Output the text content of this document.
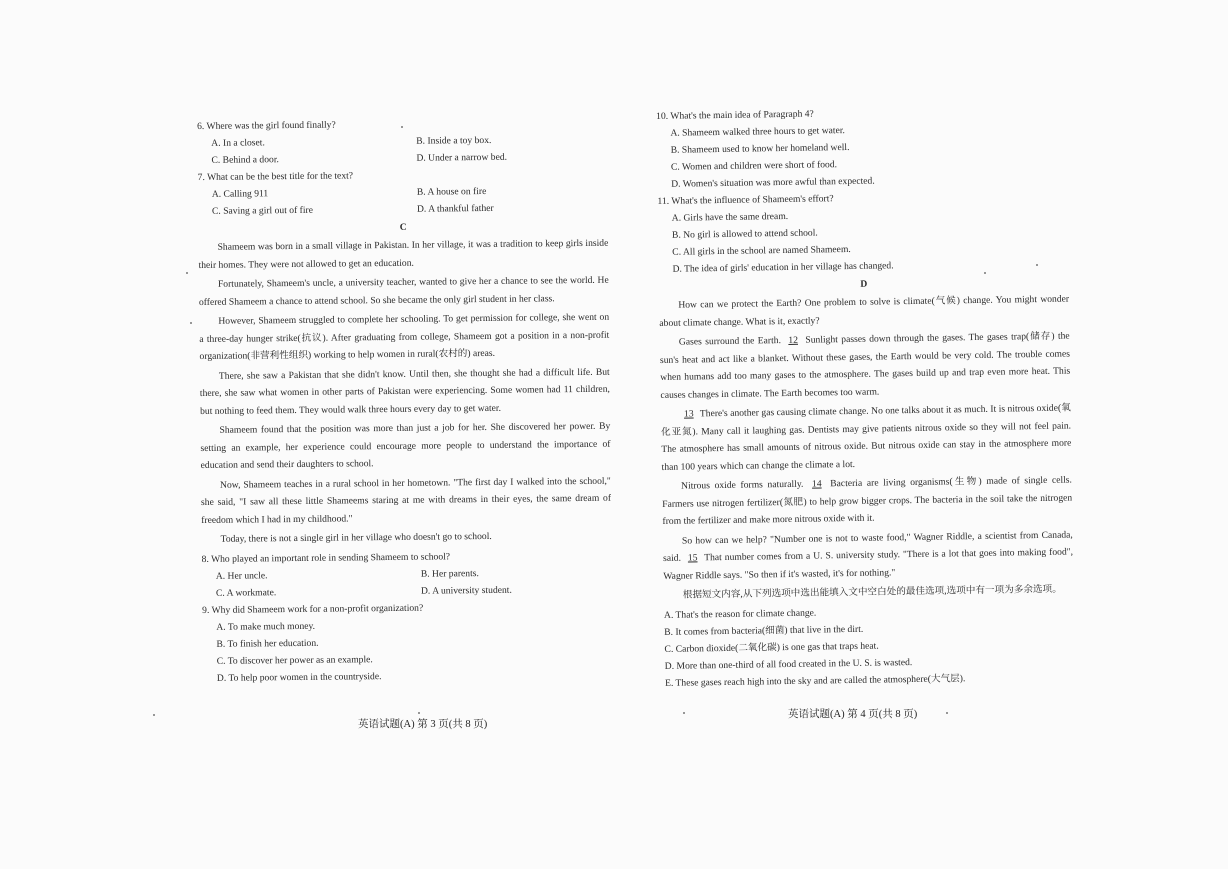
6. Where was the girl found finally?

A. In a closet.	B. Inside a toy box.
C. Behind a door.	D. Under a narrow bed.

7. What can be the best title for the text?

A. Calling 911	B. A house on fire
C. Saving a girl out of fire	D. A thankful father
C

Shameem was born in a small village in Pakistan. In her village, it was a tradition to keep girls inside their homes. They were not allowed to get an education.

Fortunately, Shameem's uncle, a university teacher, wanted to give her a chance to see the world. He offered Shameem a chance to attend school. So she became the only girl student in her class.

However, Shameem struggled to complete her schooling. To get permission for college, she went on a three-day hunger strike(抗议). After graduating from college, Shameem got a position in a non-profit organization(非营利性组织) working to help women in rural(农村的) areas.

There, she saw a Pakistan that she didn't know. Until then, she thought she had a difficult life. But there, she saw what women in other parts of Pakistan were experiencing. Some women had 11 children, but nothing to feed them. They would walk three hours every day to get water.

Shameem found that the position was more than just a job for her. She discovered her power. By setting an example, her experience could encourage more people to understand the importance of education and send their daughters to school.

Now, Shameem teaches in a rural school in her hometown. "The first day I walked into the school," she said, "I saw all these little Shameems staring at me with dreams in their eyes, the same dream of freedom which I had in my childhood."

Today, there is not a single girl in her village who doesn't go to school.

8. Who played an important role in sending Shameem to school?

A. Her uncle.	B. Her parents.
C. A workmate.	D. A university student.

9. Why did Shameem work for a non-profit organization?

A. To make much money.
B. To finish her education.
C. To discover her power as an example.
D. To help poor women in the countryside.
英语试题(A) 第 3 页(共 8 页)

10. What's the main idea of Paragraph 4?

A. Shameem walked three hours to get water.
B. Shameem used to know her homeland well.
C. Women and children were short of food.
D. Women's situation was more awful than expected.

11. What's the influence of Shameem's effort?

A. Girls have the same dream.
B. No girl is allowed to attend school.
C. All girls in the school are named Shameem.
D. The idea of girls' education in her village has changed.
D

How can we protect the Earth? One problem to solve is climate(气候) change. You might wonder about climate change. What is it, exactly?

Gases surround the Earth. 12 Sunlight passes down through the gases. The gases trap(储存) the sun's heat and act like a blanket. Without these gases, the Earth would be very cold. The trouble comes when humans add too many gases to the atmosphere. The gases build up and trap even more heat. This causes changes in climate. The Earth becomes too warm.

13 There's another gas causing climate change. No one talks about it as much. It is nitrous oxide(氧化亚氮). Many call it laughing gas. Dentists may give patients nitrous oxide so they will not feel pain. The atmosphere has small amounts of nitrous oxide. But nitrous oxide can stay in the atmosphere more than 100 years which can change the climate a lot.

Nitrous oxide forms naturally. 14 Bacteria are living organisms(生物) made of single cells. Farmers use nitrogen fertilizer(氮肥) to help grow bigger crops. The bacteria in the soil take the nitrogen from the fertilizer and make more nitrous oxide with it.

So how can we help? "Number one is not to waste food," Wagner Riddle, a scientist from Canada, said. 15 That number comes from a U. S. university study. "There is a lot that goes into making food", Wagner Riddle says. "So then if it's wasted, it's for nothing."

根据短文内容,从下列选项中选出能填入文中空白处的最佳选项,选项中有一项为多余选项。

A. That's the reason for climate change.
B. It comes from bacteria(细菌) that live in the dirt.
C. Carbon dioxide(二氧化碳) is one gas that traps heat.
D. More than one-third of all food created in the U. S. is wasted.
E. These gases reach high into the sky and are called the atmosphere(大气层).
英语试题(A) 第 4 页(共 8 页)
